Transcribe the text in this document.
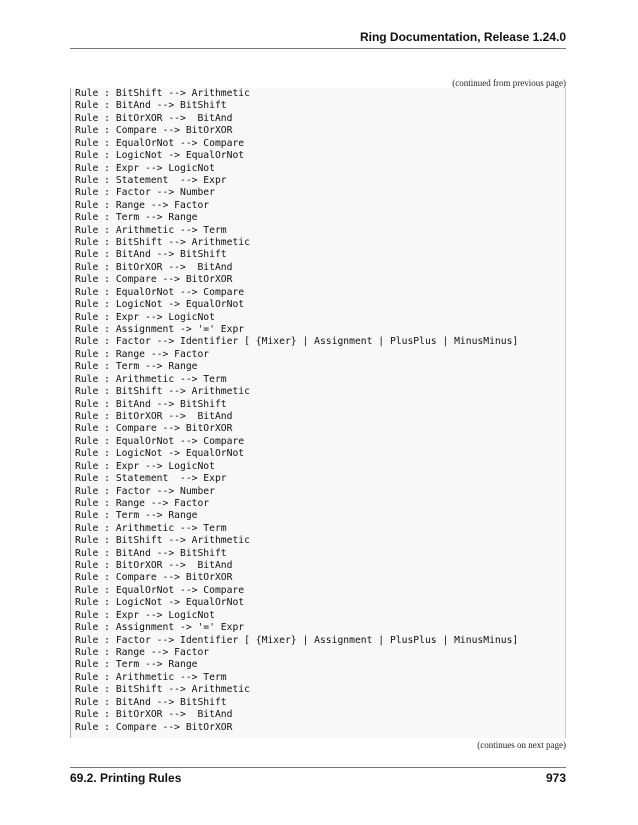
Ring Documentation, Release 1.24.0
(continued from previous page)
Rule : BitShift --> Arithmetic
Rule : BitAnd --> BitShift
Rule : BitOrXOR -->  BitAnd
Rule : Compare --> BitOrXOR
Rule : EqualOrNot --> Compare
Rule : LogicNot -> EqualOrNot
Rule : Expr --> LogicNot
Rule : Statement  --> Expr
Rule : Factor --> Number
Rule : Range --> Factor
Rule : Term --> Range
Rule : Arithmetic --> Term
Rule : BitShift --> Arithmetic
Rule : BitAnd --> BitShift
Rule : BitOrXOR -->  BitAnd
Rule : Compare --> BitOrXOR
Rule : EqualOrNot --> Compare
Rule : LogicNot -> EqualOrNot
Rule : Expr --> LogicNot
Rule : Assignment -> '=' Expr
Rule : Factor --> Identifier [ {Mixer} | Assignment | PlusPlus | MinusMinus]
Rule : Range --> Factor
Rule : Term --> Range
Rule : Arithmetic --> Term
Rule : BitShift --> Arithmetic
Rule : BitAnd --> BitShift
Rule : BitOrXOR -->  BitAnd
Rule : Compare --> BitOrXOR
Rule : EqualOrNot --> Compare
Rule : LogicNot -> EqualOrNot
Rule : Expr --> LogicNot
Rule : Statement  --> Expr
Rule : Factor --> Number
Rule : Range --> Factor
Rule : Term --> Range
Rule : Arithmetic --> Term
Rule : BitShift --> Arithmetic
Rule : BitAnd --> BitShift
Rule : BitOrXOR -->  BitAnd
Rule : Compare --> BitOrXOR
Rule : EqualOrNot --> Compare
Rule : LogicNot -> EqualOrNot
Rule : Expr --> LogicNot
Rule : Assignment -> '=' Expr
Rule : Factor --> Identifier [ {Mixer} | Assignment | PlusPlus | MinusMinus]
Rule : Range --> Factor
Rule : Term --> Range
Rule : Arithmetic --> Term
Rule : BitShift --> Arithmetic
Rule : BitAnd --> BitShift
Rule : BitOrXOR -->  BitAnd
Rule : Compare --> BitOrXOR
(continues on next page)
69.2. Printing Rules	973
